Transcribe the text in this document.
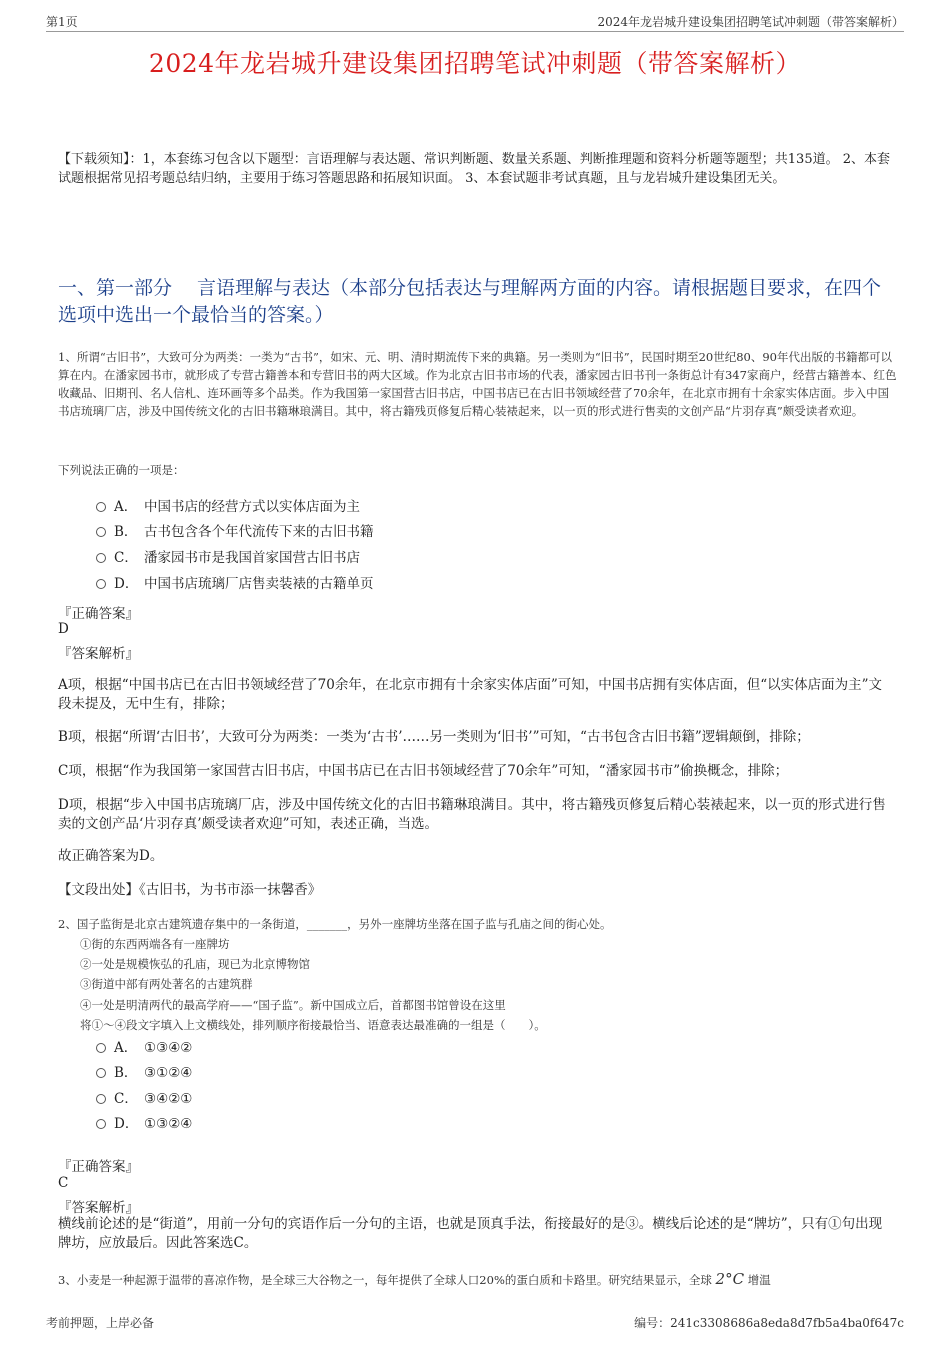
第1页	2024年龙岩城升建设集团招聘笔试冲刺题（带答案解析）
2024年龙岩城升建设集团招聘笔试冲刺题（带答案解析）
【下载须知】：1，本套练习包含以下题型：言语理解与表达题、常识判断题、数量关系题、判断推理题和资料分析题等题型；共135道。 2、本套试题根据常见招考题总结归纳，主要用于练习答题思路和拓展知识面。 3、本套试题非考试真题，且与龙岩城升建设集团无关。
一、第一部分　 言语理解与表达（本部分包括表达与理解两方面的内容。请根据题目要求，在四个选项中选出一个最恰当的答案。）
1、所谓“古旧书”，大致可分为两类：一类为“古书”，如宋、元、明、清时期流传下来的典籍。另一类则为“旧书”，民国时期至20世纪80、90年代出版的书籍都可以算在内。在潘家园书市，就形成了专营古籍善本和专营旧书的两大区域。作为北京古旧书市场的代表，潘家园古旧书刊一条街总计有347家商户，经营古籍善本、红色收藏品、旧期刊、名人信札、连环画等多个品类。作为我国第一家国营古旧书店，中国书店已在古旧书领域经营了70余年，在北京市拥有十余家实体店面。步入中国书店琉璃厂店，涉及中国传统文化的古旧书籍琳琅满目。其中，将古籍残页修复后精心装裱起来，以一页的形式进行售卖的文创产品“片羽存真”颇受读者欢迎。
下列说法正确的一项是：
A． 中国书店的经营方式以实体店面为主
B． 古书包含各个年代流传下来的古旧书籍
C． 潘家园书市是我国首家国营古旧书店
D． 中国书店琉璃厂店售卖装裱的古籍单页
『正确答案』
D
『答案解析』
A项，根据“中国书店已在古旧书领域经营了70余年，在北京市拥有十余家实体店面”可知，中国书店拥有实体店面，但“以实体店面为主”文段未提及，无中生有，排除；
B项，根据“所谓‘古旧书’，大致可分为两类：一类为‘古书’……另一类则为‘旧书’”可知，“古书包含古旧书籍”逻辑颠倒，排除；
C项，根据“作为我国第一家国营古旧书店，中国书店已在古旧书领域经营了70余年”可知，“潘家园书市”偷换概念，排除；
D项，根据“步入中国书店琉璃厂店，涉及中国传统文化的古旧书籍琳琅满目。其中，将古籍残页修复后精心装裱起来，以一页的形式进行售卖的文创产品‘片羽存真’颇受读者欢迎”可知，表述正确，当选。
故正确答案为D。
【文段出处】《古旧书，为书市添一抹馨香》
2、国子监街是北京古建筑遗存集中的一条街道，_______，另外一座牌坊坐落在国子监与孔庙之间的街心处。
①街的东西两端各有一座牌坊
②一处是规模恢弘的孔庙，现已为北京博物馆
③街道中部有两处著名的古建筑群
④一处是明清两代的最高学府——“国子监”。新中国成立后，首都图书馆曾设在这里
将①～④段文字填入上文横线处，排列顺序衔接最恰当、语意表达最准确的一组是（　　）。
A． ①③④②
B． ③①②④
C． ③④②①
D． ①③②④
『正确答案』
C
『答案解析』
横线前论述的是“街道”，用前一分句的宾语作后一分句的主语，也就是顶真手法，衔接最好的是③。横线后论述的是“牌坊”，只有①句出现牌坊，应放最后。因此答案选C。
3、小麦是一种起源于温带的喜凉作物，是全球三大谷物之一，每年提供了全球人口20%的蛋白质和卡路里。研究结果显示，全球 2°C 增温
考前押题，上岸必备	编号：241c3308686a8eda8d7fb5a4ba0f647c
